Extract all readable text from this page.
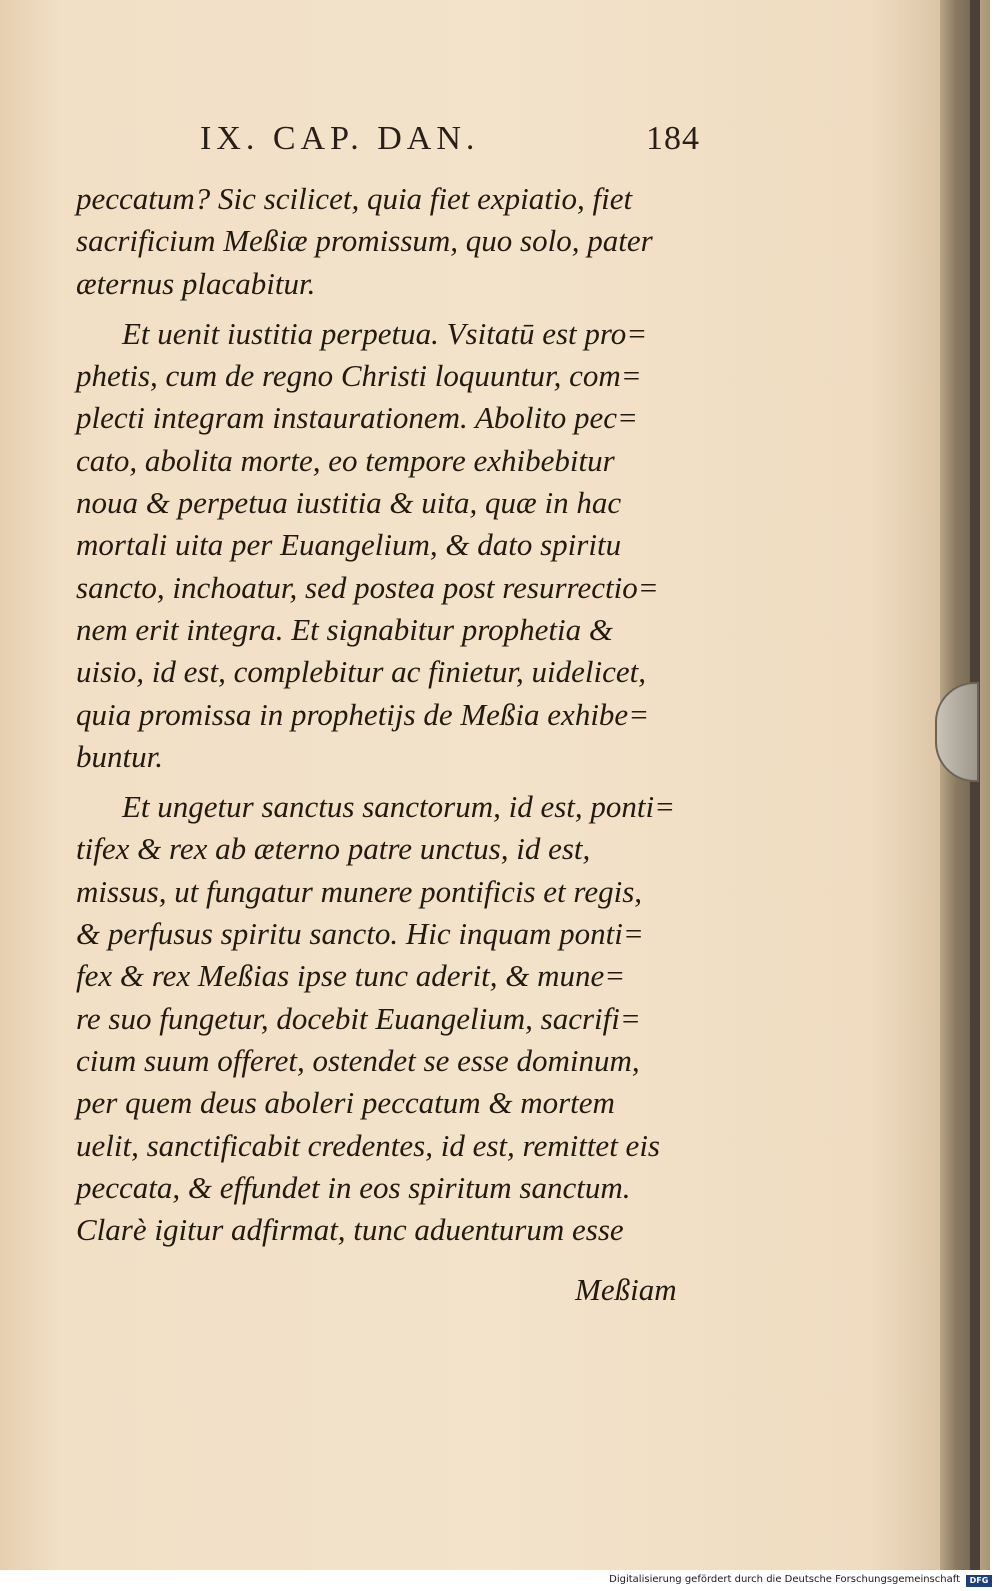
IX. CAP. DAN.	184
peccatum? Sic scilicet, quia fiet expiatio, fiet
sacrificium Meßiæ promissum, quo solo, pater
æternus placabitur.
Et uenit iustitia perpetua. Vsitatū est pro=
phetis, cum de regno Christi loquuntur, com=
plecti integram instaurationem. Abolito pec=
cato, abolita morte, eo tempore exhibebitur
noua & perpetua iustitia & uita, quæ in hac
mortali uita per Euangelium, & dato spiritu
sancto, inchoatur, sed postea post resurrectio=
nem erit integra. Et signabitur prophetia &
uisio, id est, complebitur ac finietur, uidelicet,
quia promissa in prophetijs de Meßia exhibe=
buntur.
Et ungetur sanctus sanctorum, id est, ponti=
tifex & rex ab æterno patre unctus, id est,
missus, ut fungatur munere pontificis et regis,
& perfusus spiritu sancto. Hic inquam ponti=
fex & rex Meßias ipse tunc aderit, & mune=
re suo fungetur, docebit Euangelium, sacrifi=
cium suum offeret, ostendet se esse dominum,
per quem deus aboleri peccatum & mortem
uelit, sanctificabit credentes, id est, remittet eis
peccata, & effundet in eos spiritum sanctum.
Clarè igitur adfirmat, tunc aduenturum esse
Meßiam
Digitalisierung gefördert durch die Deutsche Forschungsgemeinschaft	DFG
